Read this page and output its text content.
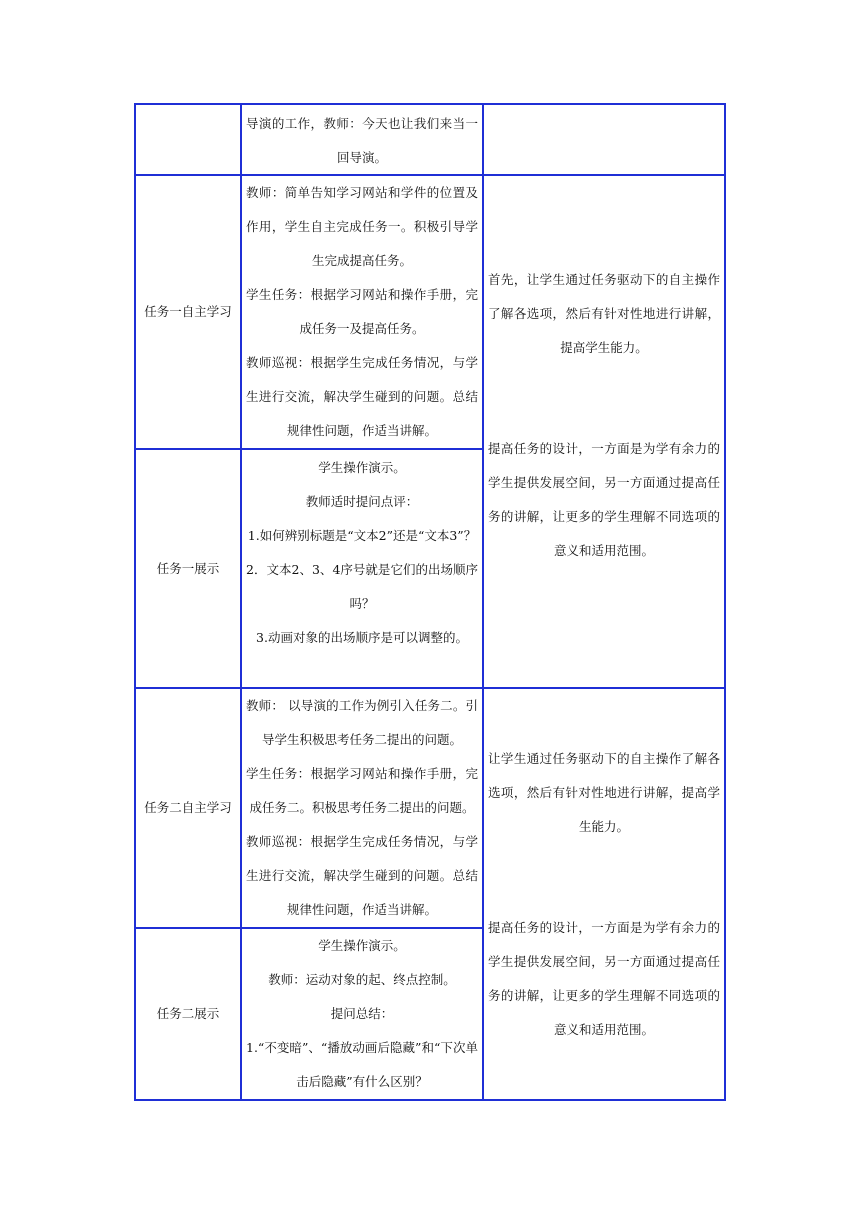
导演的工作，教师：今天也让我们来当一回导演。

任务一自主学习

教师：简单告知学习网站和学件的位置及作用，学生自主完成任务一。积极引导学生完成提高任务。

学生任务：根据学习网站和操作手册，完成任务一及提高任务。

教师巡视：根据学生完成任务情况，与学生进行交流，解决学生碰到的问题。总结规律性问题，作适当讲解。

首先，让学生通过任务驱动下的自主操作了解各选项，然后有针对性地进行讲解，提高学生能力。

任务一展示

学生操作演示。

教师适时提问点评：

1.如何辨别标题是“文本2”还是“文本3”？

2．文本2、3、4序号就是它们的出场顺序吗？

3.动画对象的出场顺序是可以调整的。

提高任务的设计，一方面是为学有余力的学生提供发展空间，另一方面通过提高任务的讲解，让更多的学生理解不同选项的意义和适用范围。

任务二自主学习

教师： 以导演的工作为例引入任务二。引导学生积极思考任务二提出的问题。

学生任务：根据学习网站和操作手册，完成任务二。积极思考任务二提出的问题。

教师巡视：根据学生完成任务情况，与学生进行交流，解决学生碰到的问题。总结规律性问题，作适当讲解。

让学生通过任务驱动下的自主操作了解各选项，然后有针对性地进行讲解，提高学生能力。

任务二展示

学生操作演示。

教师：运动对象的起、终点控制。

提问总结：

1.“不变暗”、“播放动画后隐藏”和“下次单击后隐藏”有什么区别？

提高任务的设计，一方面是为学有余力的学生提供发展空间，另一方面通过提高任务的讲解，让更多的学生理解不同选项的意义和适用范围。
